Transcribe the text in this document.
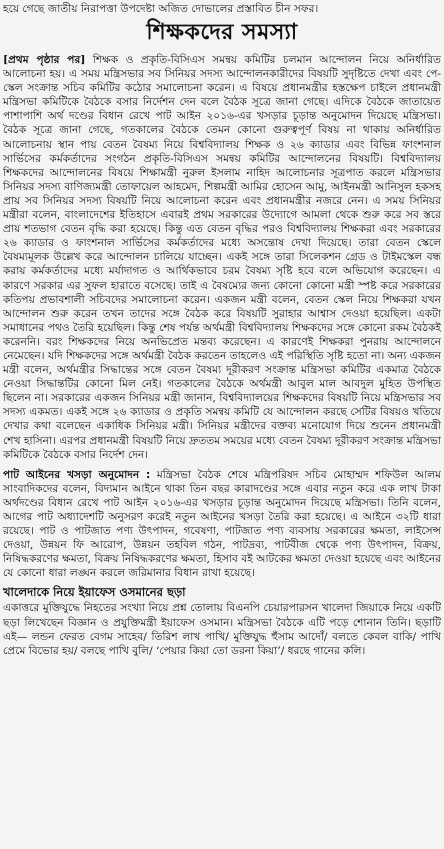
হয়ে গেছে জাতীয় নিরাপত্তা উপদেষ্টা অজিত দোভালের প্রস্তাবিত চীন সফর।

শিক্ষকদের সমস্যা

[প্রথম পৃষ্ঠার পর] শিক্ষক ও প্রকৃতি-বিসিএস সমন্বয় কমিটির চলমান আন্দোলন নিয়ে অনির্ধারিত আলোচনা হয়। এ সময় মন্ত্রিসভার সব সিনিয়র সদস্য আন্দোলনকারীদের বিষয়টি সুদৃষ্টিতে দেখা এবং পে-স্কেল সংক্রান্ত সচিব কমিটির কঠোর সমালোচনা করেন। এ বিষয়ে প্রধানমন্ত্রীর হস্তক্ষেপ চাইলে প্রধানমন্ত্রী মন্ত্রিসভা কমিটিকে বৈঠকে বসার নির্দেশন দেন বলে বৈঠক সূত্রে জানা গেছে। এদিকে বৈঠকে জাতায়েত পাশাপাশি অর্থ দণ্ডের বিধান রেখে পাট আইন ২০১৬-এর খসড়ার চূড়ান্ত অনুমোদন দিয়েছে মন্ত্রিসভা। বৈঠক সূত্রে জানা গেছে, গতকালের বৈঠকে তেমন কোনো গুরুত্বপূর্ণ বিষয় না থাকায় অনির্ধারিত আলোচনায় স্থান পায় বেতন বৈষম্য নিয়ে বিশ্ববিদ্যালয় শিক্ষক ও ২৬ ক্যাডার এবং বিভিন্ন ফাংশনাল সার্ভিসের কর্মকর্তাদের সংগঠন প্রকৃতি-বিসিএস সমন্বয় কমিটির আন্দোলনের বিষয়টি। বিশ্ববিদ্যালয় শিক্ষকদের আন্দোলনের বিষয়ে শিক্ষামন্ত্রী নুরুল ইসলাম নাহিদ আলোচনার সূত্রপাত করলে মন্ত্রিসভার সিনিয়র সদস্য বাণিজ্যমন্ত্রী তোফায়েল আহমেদ, শিল্পমন্ত্রী আমির হোসেন আমু, আইনমন্ত্রী আনিসুল হকসহ প্রায় সব সিনিয়র সদস্য বিষয়টি নিয়ে আলোচনা করেন এবং প্রধানমন্ত্রীর নজরে নেন। এ সময় সিনিয়র মন্ত্রীরা বলেন, বাংলাদেশের ইতিহাসে এবারই প্রথম সরকারের উদ্যোগে আমলা থেকে শুরু করে সব স্তরে প্রায় শতভাগ বেতন বৃদ্ধি করা হয়েছে। কিন্তু এত বেতন বৃদ্ধির পরও বিশ্ববিদ্যালয় শিক্ষকরা এবং সরকারের ২৬ ক্যাডার ও ফাংশনাল সার্ভিসের কর্মকর্তাদের মধ্যে অসন্তোষ দেখা দিয়েছে। তারা বেতন স্কেলে বৈষম্যমূলক উল্লেখ করে আন্দোলন চালিয়ে যাচ্ছেন। একই সঙ্গে তারা সিলেকশন গ্রেড ও টাইমস্কেল বন্ধ করায় কর্মকর্তাদের মধ্যে মর্যাদাগত ও আর্থিকভাবে চরম বৈষম্য সৃষ্টি হবে বলে অভিযোগ করেছেন। এ কারণে সরকার এর সুফল হারাতে বসেছে। তাই এ বৈষম্যের জন্য কোনো কোনো মন্ত্রী স্পষ্ট করে সরকারের কতিপয় প্রভাবশালী সচিবদের সমালোচনা করেন। একজন মন্ত্রী বলেন, বেতন স্কেল নিয়ে শিক্ষকরা যখন আন্দোলন শুরু করেন তখন তাদের সঙ্গে বৈঠক করে বিষয়টি সুরাহার আশ্বাস দেওয়া হয়েছিল। একটা সমাধানের পথও তৈরি হয়েছিল। কিন্তু শেষ পর্যন্ত অর্থমন্ত্রী বিশ্ববিদ্যালয় শিক্ষকদের সঙ্গে কোনো রকম বৈঠকই করেননি। বরং শিক্ষকদের নিয়ে অনভিপ্রেত মন্তব্য করেছেন। এ কারণেই শিক্ষকরা পুনরায় আন্দোলনে নেমেছেন। যদি শিক্ষকদের সঙ্গে অর্থমন্ত্রী বৈঠক করতেন তাহলেও এই পরিস্থিতি সৃষ্টি হতো না। অন্য একজন মন্ত্রী বলেন, অর্থমন্ত্রীর সিদ্ধান্তের সঙ্গে বেতন বৈষম্য দূরীকরণ সংক্রান্ত মন্ত্রিসভা কমিটির একমাত্র বৈঠকে নেওয়া সিদ্ধান্তটির কোনো মিল নেই। গতকালের বৈঠকে অর্থমন্ত্রী আবুল মাল আবদুল মুহিত উপস্থিত ছিলেন না। সরকারের একজন সিনিয়র মন্ত্রী জানান, বিশ্ববিদ্যালয়ের শিক্ষকদের বিষয়টি নিয়ে মন্ত্রিসভার সব সদস্য একমত। একই সঙ্গে ২৬ ক্যাডার ও প্রকৃতি সমন্বয় কমিটি যে আন্দোলন করছে সেটির বিষয়ও খতিয়ে দেখার কথা বলেছেন একাধিক সিনিয়র মন্ত্রী। সিনিয়র মন্ত্রীদের বক্তব্য মনোযোগ দিয়ে শুনেন প্রধানমন্ত্রী শেখ হাসিনা। এরপর প্রধানমন্ত্রী বিষয়টি নিয়ে দ্রুততম সময়ের মধ্যে বেতন বৈষম্য দূরীকরণ সংক্রান্ত মন্ত্রিসভা কমিটিকে বৈঠকে বসার নির্দেশ দেন।

পাট আইনের খসড়া অনুমোদন : মন্ত্রিসভা বৈঠক শেষে মন্ত্রিপরিষদ সচিব মোহাম্মদ শফিউল আলম সাংবাদিকদের বলেন, বিদ্যমান আইনে থাকা তিন বছর কারাদণ্ডের সঙ্গে এবার নতুন করে এক লাখ টাকা অর্থদণ্ডের বিধান রেখে পাট আইন ২০১৬-এর খসড়ার চূড়ান্ত অনুমোদন দিয়েছে মন্ত্রিসভা। তিনি বলেন, আগের পাট অধ্যাদেশটি অনুসরণ করেই নতুন আইনের খসড়া তৈরি করা হয়েছে। এ আইনে ৩২টি ধারা রয়েছে। পাট ও পাটজাত পণ্য উৎপাদন, গবেষণা, পাটজাত পণ্য ব্যবসায় সরকারের ক্ষমতা, লাইসেন্স দেওয়া, উন্নয়ন ফি আরোপ, উন্নয়ন তহবিল গঠন, পাটদ্রব্য, পাটবীজ থেকে পণ্য উৎপাদন, বিক্রয়, নিষিদ্ধকরণের ক্ষমতা, বিক্রয় নিষিদ্ধকরণের ক্ষমতা, হিসাব বই আটকের ক্ষমতা দেওয়া হয়েছে এবং আইনের যে কোনো ধারা লঙ্ঘন করলে জরিমানার বিধান রাখা হয়েছে।

খালেদাকে নিয়ে ইয়াফেস ওসমানের ছড়া

একাত্তরে মুক্তিযুদ্ধে নিহতের সংখ্যা নিয়ে প্রশ্ন তোলায় বিএনপি চেয়ারপারসন খালেদা জিয়াকে নিয়ে একটি ছড়া লিখেছেন বিজ্ঞান ও প্রযুক্তিমন্ত্রী ইয়াফেস ওসমান। মন্ত্রিসভা বৈঠকে এটি পড়ে শোনান তিনি। ছড়াটি এই— লন্ডন ফেরত বেগম সাহেব/ তিরিশ লাখ পাখি/ মুক্তিযুদ্ধ হুঁসাম আদোঁ/ বলতে কেবল বাকি/ পাখি প্রেমে বিভোর হয়/ বলছে পাখি বুলি/ ‘পেয়ার কিয়া তো ডরনা কিয়া’/ ধরছে গানের কলি।
